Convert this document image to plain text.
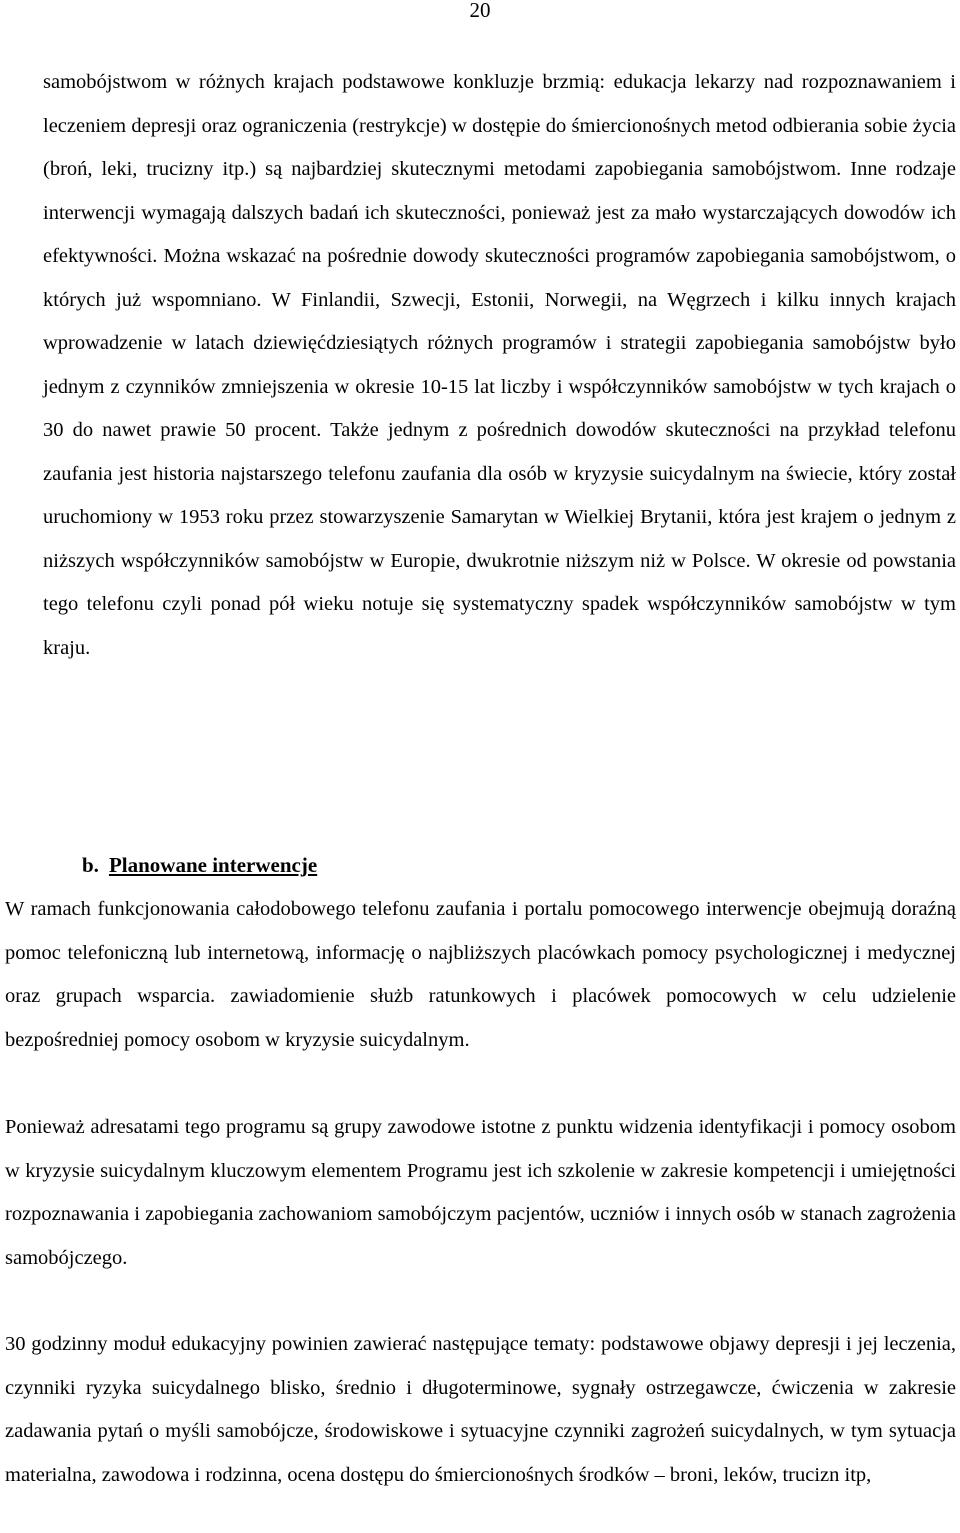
20

samobójstwom w różnych krajach podstawowe konkluzje brzmią: edukacja lekarzy nad rozpoznawaniem i leczeniem depresji oraz ograniczenia (restrykcje) w dostępie do śmiercionośnych metod odbierania sobie życia (broń, leki, trucizny itp.) są najbardziej skutecznymi metodami zapobiegania samobójstwom. Inne rodzaje interwencji wymagają dalszych badań ich skuteczności, ponieważ jest za mało wystarczających dowodów ich efektywności. Można wskazać na pośrednie dowody skuteczności programów zapobiegania samobójstwom, o których już wspomniano. W Finlandii, Szwecji, Estonii, Norwegii, na Węgrzech i kilku innych krajach wprowadzenie w latach dziewięćdziesiątych różnych programów i strategii zapobiegania samobójstw było jednym z czynników zmniejszenia w okresie 10-15 lat liczby i współczynników samobójstw w tych krajach o 30 do nawet prawie 50 procent. Także jednym z pośrednich dowodów skuteczności na przykład telefonu zaufania jest historia najstarszego telefonu zaufania dla osób w kryzysie suicydalnym na świecie, który został uruchomiony w 1953 roku przez stowarzyszenie Samarytan w Wielkiej Brytanii, która jest krajem o jednym z niższych współczynników samobójstw w Europie, dwukrotnie niższym niż w Polsce. W okresie od powstania tego telefonu czyli ponad pół wieku notuje się systematyczny spadek współczynników samobójstw w tym kraju.

b. Planowane interwencje

W ramach funkcjonowania całodobowego telefonu zaufania i portalu pomocowego interwencje obejmują doraźną pomoc telefoniczną lub internetową, informację o najbliższych placówkach pomocy psychologicznej i medycznej oraz grupach wsparcia. zawiadomienie służb ratunkowych i placówek pomocowych w celu udzielenie bezpośredniej pomocy osobom w kryzysie suicydalnym.

Ponieważ adresatami tego programu są grupy zawodowe istotne z punktu widzenia identyfikacji i pomocy osobom w kryzysie suicydalnym kluczowym elementem Programu jest ich szkolenie w zakresie kompetencji i umiejętności rozpoznawania i zapobiegania zachowaniom samobójczym pacjentów, uczniów i innych osób w stanach zagrożenia samobójczego.

30 godzinny moduł edukacyjny powinien zawierać następujące tematy: podstawowe objawy depresji i jej leczenia, czynniki ryzyka suicydalnego blisko, średnio i długoterminowe, sygnały ostrzegawcze, ćwiczenia w zakresie zadawania pytań o myśli samobójcze, środowiskowe i sytuacyjne czynniki zagrożeń suicydalnych, w tym sytuacja materialna, zawodowa i rodzinna, ocena dostępu do śmiercionośnych środków – broni, leków, trucizn itp,
